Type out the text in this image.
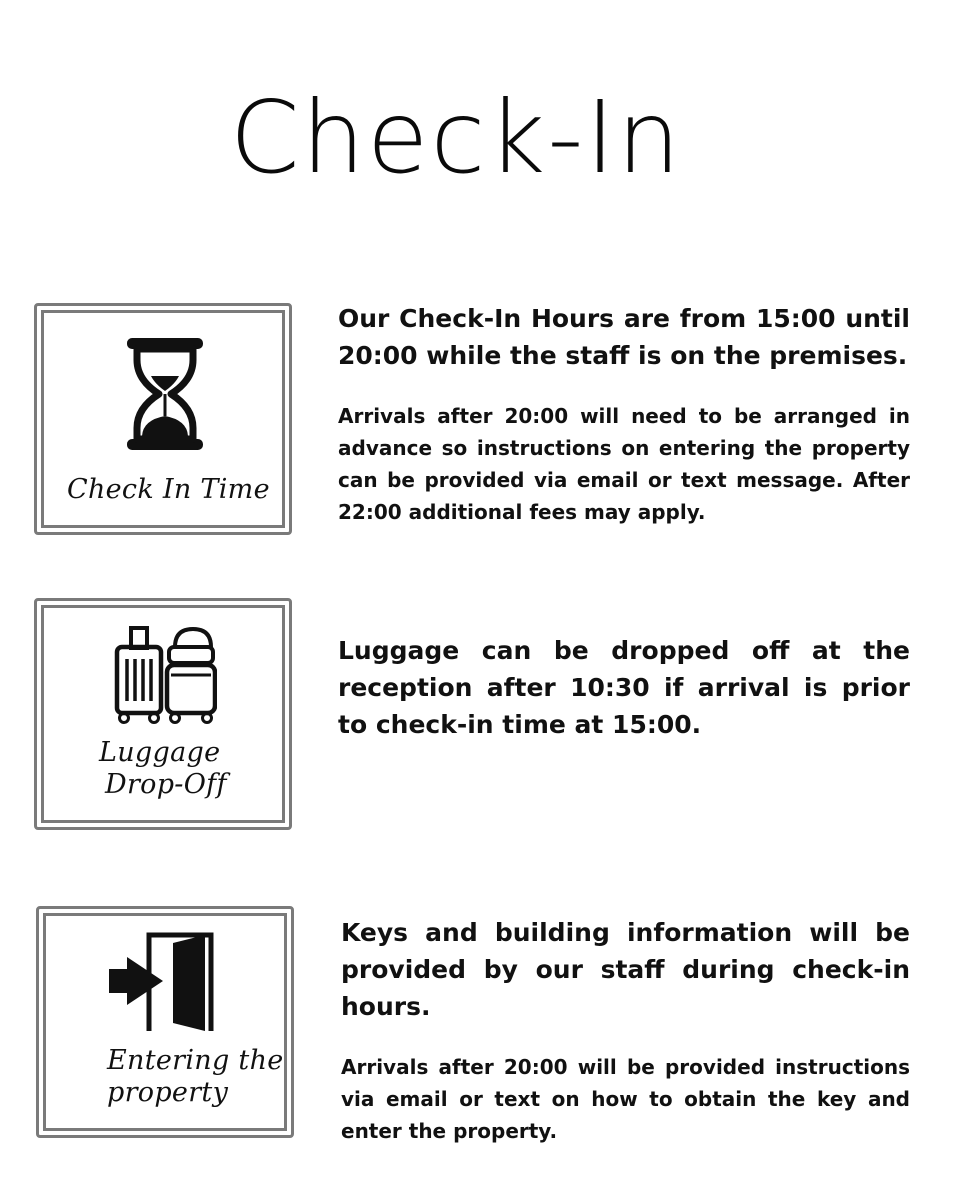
Check-In
Check In Time
Our Check-In Hours are from 15:00 until 20:00 while the staff is on the premises.
Arrivals after 20:00 will need to be arranged in advance so instructions on entering the property can be provided via email or text message. After 22:00 additional fees may apply.
Luggage
Drop-Off
Luggage can be dropped off at the reception after 10:30 if arrival is prior to check-in time at 15:00.
Entering the
property
Keys and building information will be provided by our staff during check-in hours.
Arrivals after 20:00 will be provided instructions via email or text on how to obtain the key and enter the property.
